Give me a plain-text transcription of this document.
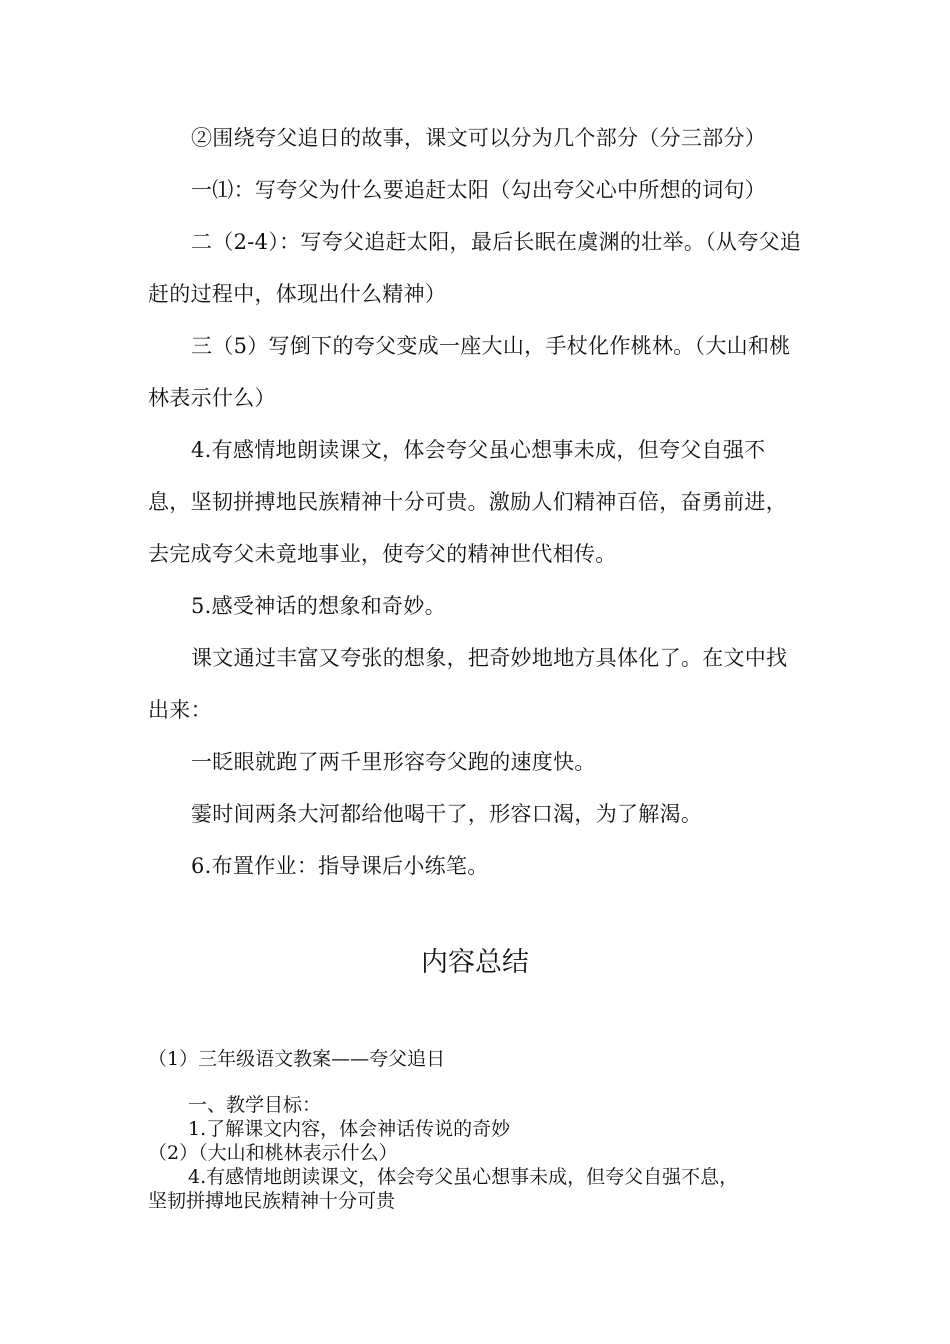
②围绕夸父追日的故事，课文可以分为几个部分（分三部分）

一⑴：写夸父为什么要追赶太阳（勾出夸父心中所想的词句）

二（2-4）：写夸父追赶太阳，最后长眠在虞渊的壮举。（从夸父追赶的过程中，体现出什么精神）

三（5）写倒下的夸父变成一座大山，手杖化作桃林。（大山和桃林表示什么）

4.有感情地朗读课文，体会夸父虽心想事未成，但夸父自强不息，坚韧拼搏地民族精神十分可贵。激励人们精神百倍，奋勇前进，去完成夸父未竟地事业，使夸父的精神世代相传。

5.感受神话的想象和奇妙。

课文通过丰富又夸张的想象，把奇妙地地方具体化了。在文中找出来：

一眨眼就跑了两千里形容夸父跑的速度快。

霎时间两条大河都给他喝干了，形容口渴，为了解渴。

6.布置作业：指导课后小练笔。

内容总结

（1）三年级语文教案——夸父追日

一、教学目标：

1.了解课文内容，体会神话传说的奇妙

（2）（大山和桃林表示什么）

4.有感情地朗读课文，体会夸父虽心想事未成，但夸父自强不息，

坚韧拼搏地民族精神十分可贵
